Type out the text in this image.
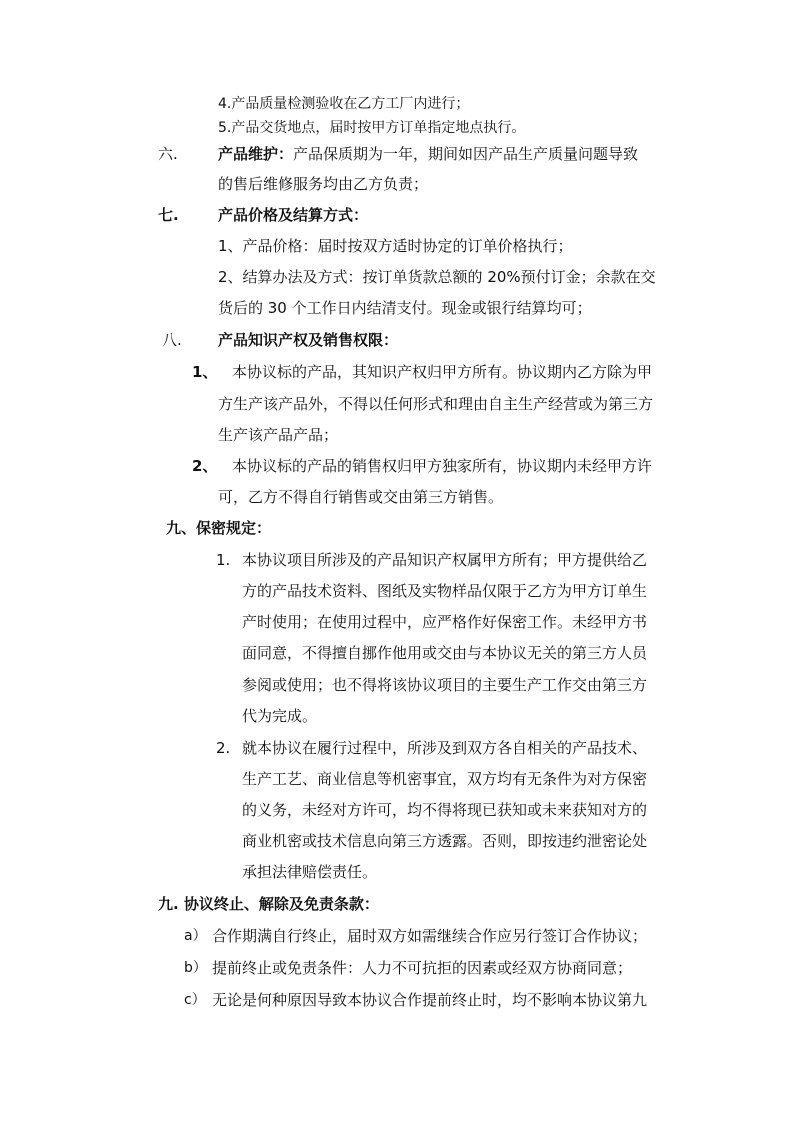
4.产品质量检测验收在乙方工厂内进行；
5.产品交货地点，届时按甲方订单指定地点执行。
六.	产品维护：产品保质期为一年，期间如因产品生产质量问题导致
的售后维修服务均由乙方负责；
七.	产品价格及结算方式：
1、产品价格：届时按双方适时协定的订单价格执行；
2、结算办法及方式：按订单货款总额的 20%预付订金；余款在交
货后的 30 个工作日内结清支付。现金或银行结算均可；
八. 产品知识产权及销售权限：
1、 本协议标的产品，其知识产权归甲方所有。协议期内乙方除为甲
方生产该产品外，不得以任何形式和理由自主生产经营或为第三方
生产该产品产品；
2、 本协议标的产品的销售权归甲方独家所有，协议期内未经甲方许
可，乙方不得自行销售或交由第三方销售。
九、保密规定：
1. 本协议项目所涉及的产品知识产权属甲方所有；甲方提供给乙
方的产品技术资料、图纸及实物样品仅限于乙方为甲方订单生
产时使用；在使用过程中，应严格作好保密工作。未经甲方书
面同意，不得擅自挪作他用或交由与本协议无关的第三方人员
参阅或使用；也不得将该协议项目的主要生产工作交由第三方
代为完成。
2. 就本协议在履行过程中，所涉及到双方各自相关的产品技术、
生产工艺、商业信息等机密事宜，双方均有无条件为对方保密
的义务，未经对方许可，均不得将现已获知或未来获知对方的
商业机密或技术信息向第三方透露。否则，即按违约泄密论处
承担法律赔偿责任。
九. 协议终止、解除及免责条款：
a） 合作期满自行终止，届时双方如需继续合作应另行签订合作协议；
b） 提前终止或免责条件：人力不可抗拒的因素或经双方协商同意；
c） 无论是何种原因导致本协议合作提前终止时，均不影响本协议第九
